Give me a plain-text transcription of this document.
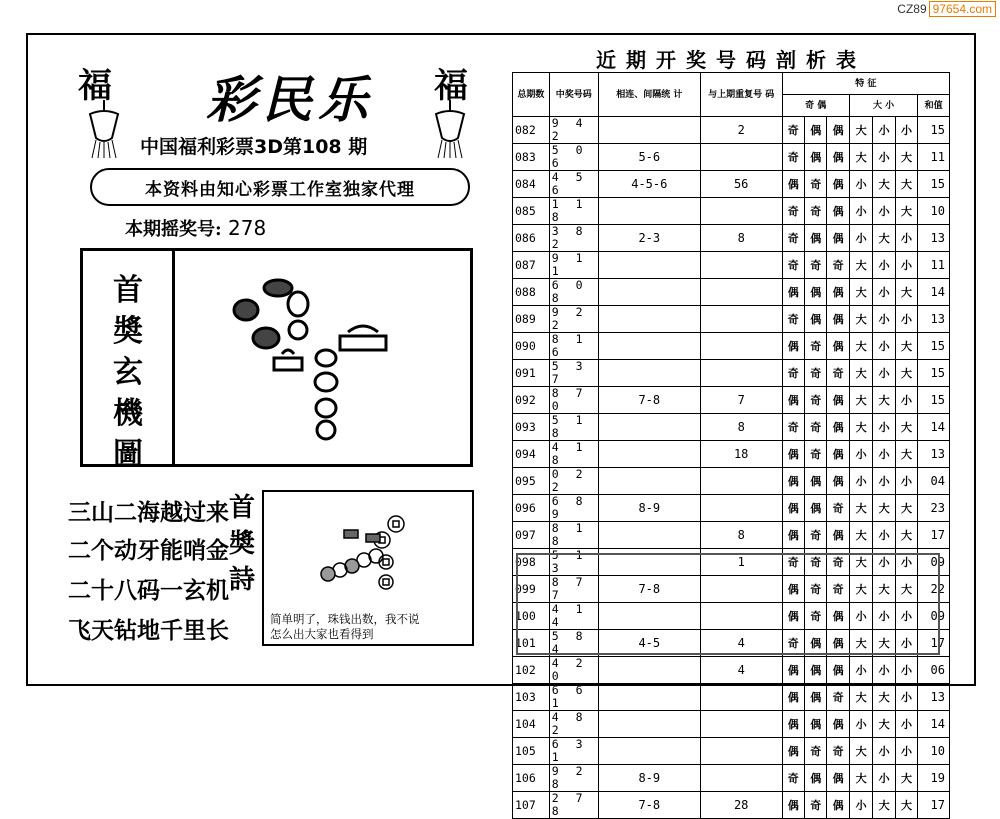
CZ89 97654.com
福	福
彩民乐
中国福利彩票3D第108 期
本资料由知心彩票工作室独家代理
本期摇奖号: 278
首
奬
玄
機
圖
三山二海越过来
二个动牙能哨金
二十八码一玄机
飞天钻地千里长
首
奬
詩
简单明了，珠钱出数，我不说
怎么出大家也看得到
近期开奖号码剖析表
总期数	中奖号码	相连、间隔统 计	与上期重复号 码	特 征						
				奇 偶			大 小			和值
082	9 4 2		2	奇	偶	偶	大	小	小	15
083	5 0 6	5-6		奇	偶	偶	大	小	大	11
084	4 5 6	4-5-6	56	偶	奇	偶	小	大	大	15
085	1 1 8			奇	奇	偶	小	小	大	10
086	3 8 2	2-3	8	奇	偶	偶	小	大	小	13
087	9 1 1			奇	奇	奇	大	小	小	11
088	6 0 8			偶	偶	偶	大	小	大	14
089	9 2 2			奇	偶	偶	大	小	小	13
090	8 1 6			偶	奇	偶	大	小	大	15
091	5 3 7			奇	奇	奇	大	小	大	15
092	8 7 0	7-8	7	偶	奇	偶	大	大	小	15
093	5 1 8		8	奇	奇	偶	大	小	大	14
094	4 1 8		18	偶	奇	偶	小	小	大	13
095	0 2 2			偶	偶	偶	小	小	小	04
096	6 8 9	8-9		偶	偶	奇	大	大	大	23
097	8 1 8		8	偶	奇	偶	大	小	大	17
098	5 1 3		1	奇	奇	奇	大	小	小	09
099	8 7 7	7-8		偶	奇	奇	大	大	大	22
100	4 1 4			偶	奇	偶	小	小	小	09
101	5 8 4	4-5	4	奇	偶	偶	大	大	小	17
102	4 2 0		4	偶	偶	偶	小	小	小	06
103	6 6 1			偶	偶	奇	大	大	小	13
104	4 8 2			偶	偶	偶	小	大	小	14
105	6 3 1			偶	奇	奇	大	小	小	10
106	9 2 8	8-9		奇	偶	偶	大	小	大	19
107	2 7 8	7-8	28	偶	奇	偶	小	大	大	17
